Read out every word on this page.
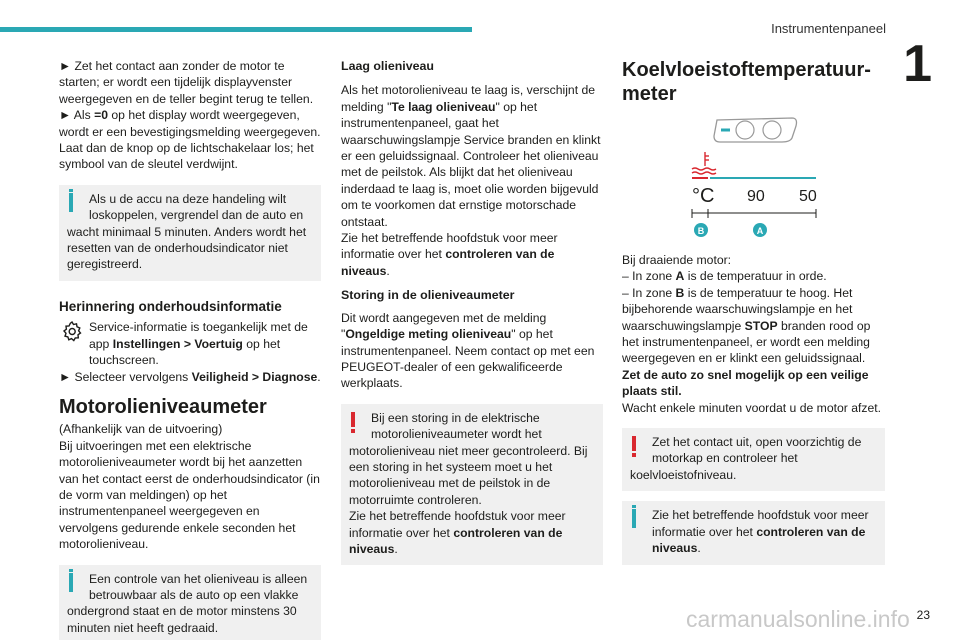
Instrumentenpaneel
1

► Zet het contact aan zonder de motor te starten; er wordt een tijdelijk displayvenster weergegeven en de teller begint terug te tellen.

► Als =0 op het display wordt weergegeven, wordt er een bevestigingsmelding weergegeven. Laat dan de knop op de lichtschakelaar los; het symbool van de sleutel verdwijnt.

Als u de accu na deze handeling wilt loskoppelen, vergrendel dan de auto en

wacht minimaal 5 minuten. Anders wordt het resetten van de onderhoudsindicator niet geregistreerd.

Herinnering onderhoudsinformatie

Service-informatie is toegankelijk met de app Instellingen > Voertuig op het touchscreen.

► Selecteer vervolgens Veiligheid > Diagnose.

Motorolieniveaumeter

(Afhankelijk van de uitvoering)
Bij uitvoeringen met een elektrische motorolieniveaumeter wordt bij het aanzetten van het contact eerst de onderhoudsindicator (in de vorm van meldingen) op het instrumentenpaneel weergegeven en vervolgens gedurende enkele seconden het motorolieniveau.

Een controle van het olieniveau is alleen betrouwbaar als de auto op een vlakke

ondergrond staat en de motor minstens 30 minuten niet heeft gedraaid.

Laag olieniveau

Als het motorolieniveau te laag is, verschijnt de melding "Te laag olieniveau" op het instrumentenpaneel, gaat het waarschuwingslampje Service branden en klinkt er een geluidssignaal. Controleer het olieniveau met de peilstok. Als blijkt dat het olieniveau inderdaad te laag is, moet olie worden bijgevuld om te voorkomen dat ernstige motorschade ontstaat.

Zie het betreffende hoofdstuk voor meer informatie over het controleren van de niveaus.

Storing in de olieniveaumeter

Dit wordt aangegeven met de melding "Ongeldige meting olieniveau" op het instrumentenpaneel. Neem contact op met een PEUGEOT-dealer of een gekwalificeerde werkplaats.

Bij een storing in de elektrische motorolieniveaumeter wordt het

motorolieniveau niet meer gecontroleerd. Bij een storing in het systeem moet u het motorolieniveau met de peilstok in de motorruimte controleren.

Zie het betreffende hoofdstuk voor meer informatie over het controleren van de niveaus.

Koelvloeistoftemperatuur-meter
°C 90 50
B	A

Bij draaiende motor:

– In zone A is de temperatuur in orde.

– In zone B is de temperatuur te hoog. Het bijbehorende waarschuwingslampje en het waarschuwingslampje STOP branden rood op het instrumentenpaneel, er wordt een melding weergegeven en er klinkt een geluidssignaal.

Zet de auto zo snel mogelijk op een veilige plaats stil.

Wacht enkele minuten voordat u de motor afzet.

Zet het contact uit, open voorzichtig de motorkap en controleer het

koelvloeistofniveau.

Zie het betreffende hoofdstuk voor meer informatie over het controleren van de niveaus.

carmanualsonline.info 23
